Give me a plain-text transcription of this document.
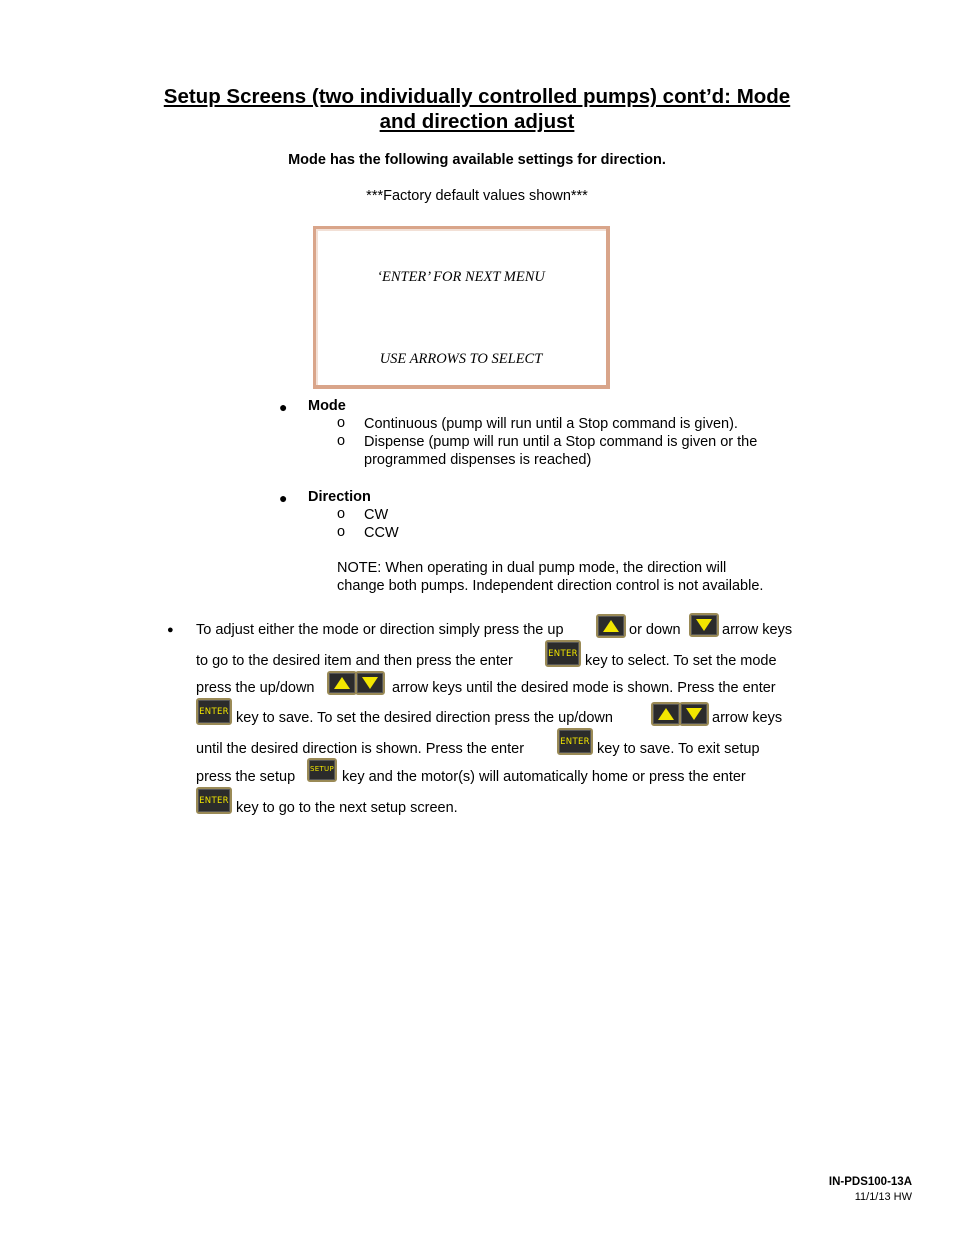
Setup Screens (two individually controlled pumps) cont’d: Mode
and direction adjust
Mode has the following available settings for direction.
***Factory default values shown***
‘ENTER’ FOR NEXT MENU
USE ARROWS TO SELECT
● Mode
o Continuous (pump will run until a Stop command is given).
o Dispense (pump will run until a Stop command is given or the
programmed dispenses is reached)
● Direction
o CW
o CCW
NOTE: When operating in dual pump mode, the direction will
change both pumps. Independent direction control is not available.
● To adjust either the mode or direction simply press the up	or down	arrow keys
to go to the desired item and then press the enter	ENTER key to select. To set the mode
press the up/down	arrow keys until the desired mode is shown. Press the enter
ENTER key to save. To set the desired direction press the up/down	arrow keys
until the desired direction is shown. Press the enter	ENTER key to save. To exit setup
press the setup SETUP key and the motor(s) will automatically home or press the enter
ENTER key to go to the next setup screen.
IN-PDS100-13A
11/1/13 HW
